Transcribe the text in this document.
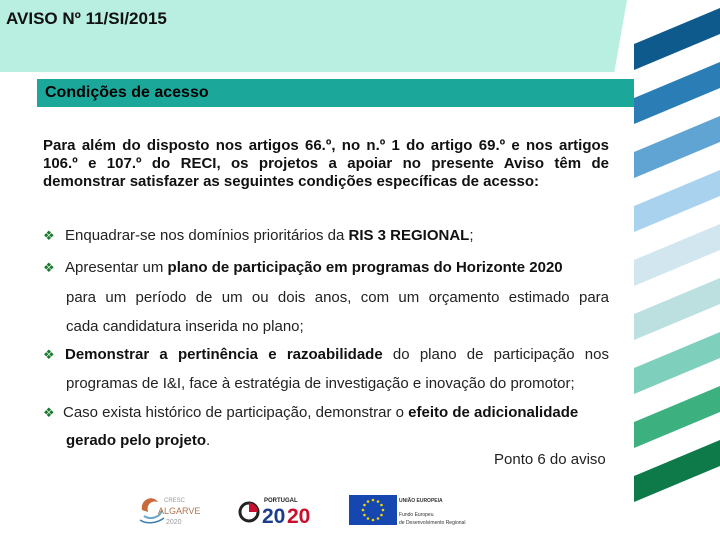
AVISO Nº 11/SI/2015
Condições de acesso
Para além do disposto nos artigos 66.º, no n.º 1 do artigo 69.º e nos artigos 106.º e 107.º do RECI, os projetos a apoiar no presente Aviso têm de demonstrar satisfazer as seguintes condições específicas de acesso:
❖ Enquadrar-se nos domínios prioritários da RIS 3 REGIONAL;
❖ Apresentar um plano de participação em programas do Horizonte 2020
para um período de um ou dois anos, com um orçamento estimado para
cada candidatura inserida no plano;
❖ Demonstrar a pertinência e razoabilidade do plano de participação nos
programas de I&I, face à estratégia de investigação e inovação do promotor;
❖ Caso exista histórico de participação, demonstrar o efeito de adicionalidade
gerado pelo projeto.
Ponto 6 do aviso
CRESC
ALGARVE
2020
PORTUGAL
20 20
UNIÃO EUROPEIA
Fundo Europeu
de Desenvolvimento Regional
